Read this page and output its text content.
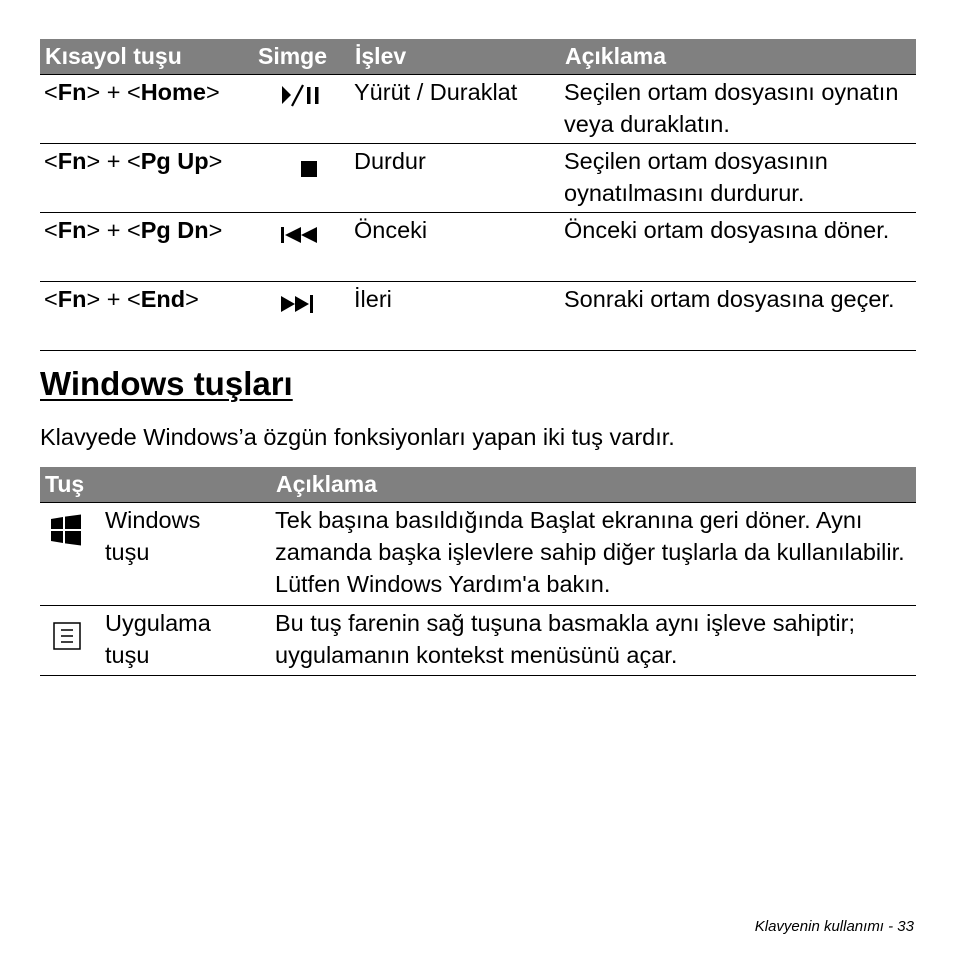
Kısayol tuşu	Simge	İşlev	Açıklama
<Fn> + <Home>		Yürüt / Duraklat	Seçilen ortam dosyasını oynatın veya duraklatın.
<Fn> + <Pg Up>		Durdur	Seçilen ortam dosyasının oynatılmasını durdurur.
<Fn> + <Pg Dn>		Önceki	Önceki ortam dosyasına döner.
<Fn> + <End>		İleri	Sonraki ortam dosyasına geçer.
Windows tuşları

Klavyede Windows’a özgün fonksiyonları yapan iki tuş vardır.

Tuş		Açıklama
	Windows tuşu	Tek başına basıldığında Başlat ekranına geri döner. Aynı zamanda başka işlevlere sahip diğer tuşlarla da kullanılabilir. Lütfen Windows Yardım'a bakın.
	Uygulama tuşu	Bu tuş farenin sağ tuşuna basmakla aynı işleve sahiptir; uygulamanın kontekst menüsünü açar.
Klavyenin kullanımı - 33
